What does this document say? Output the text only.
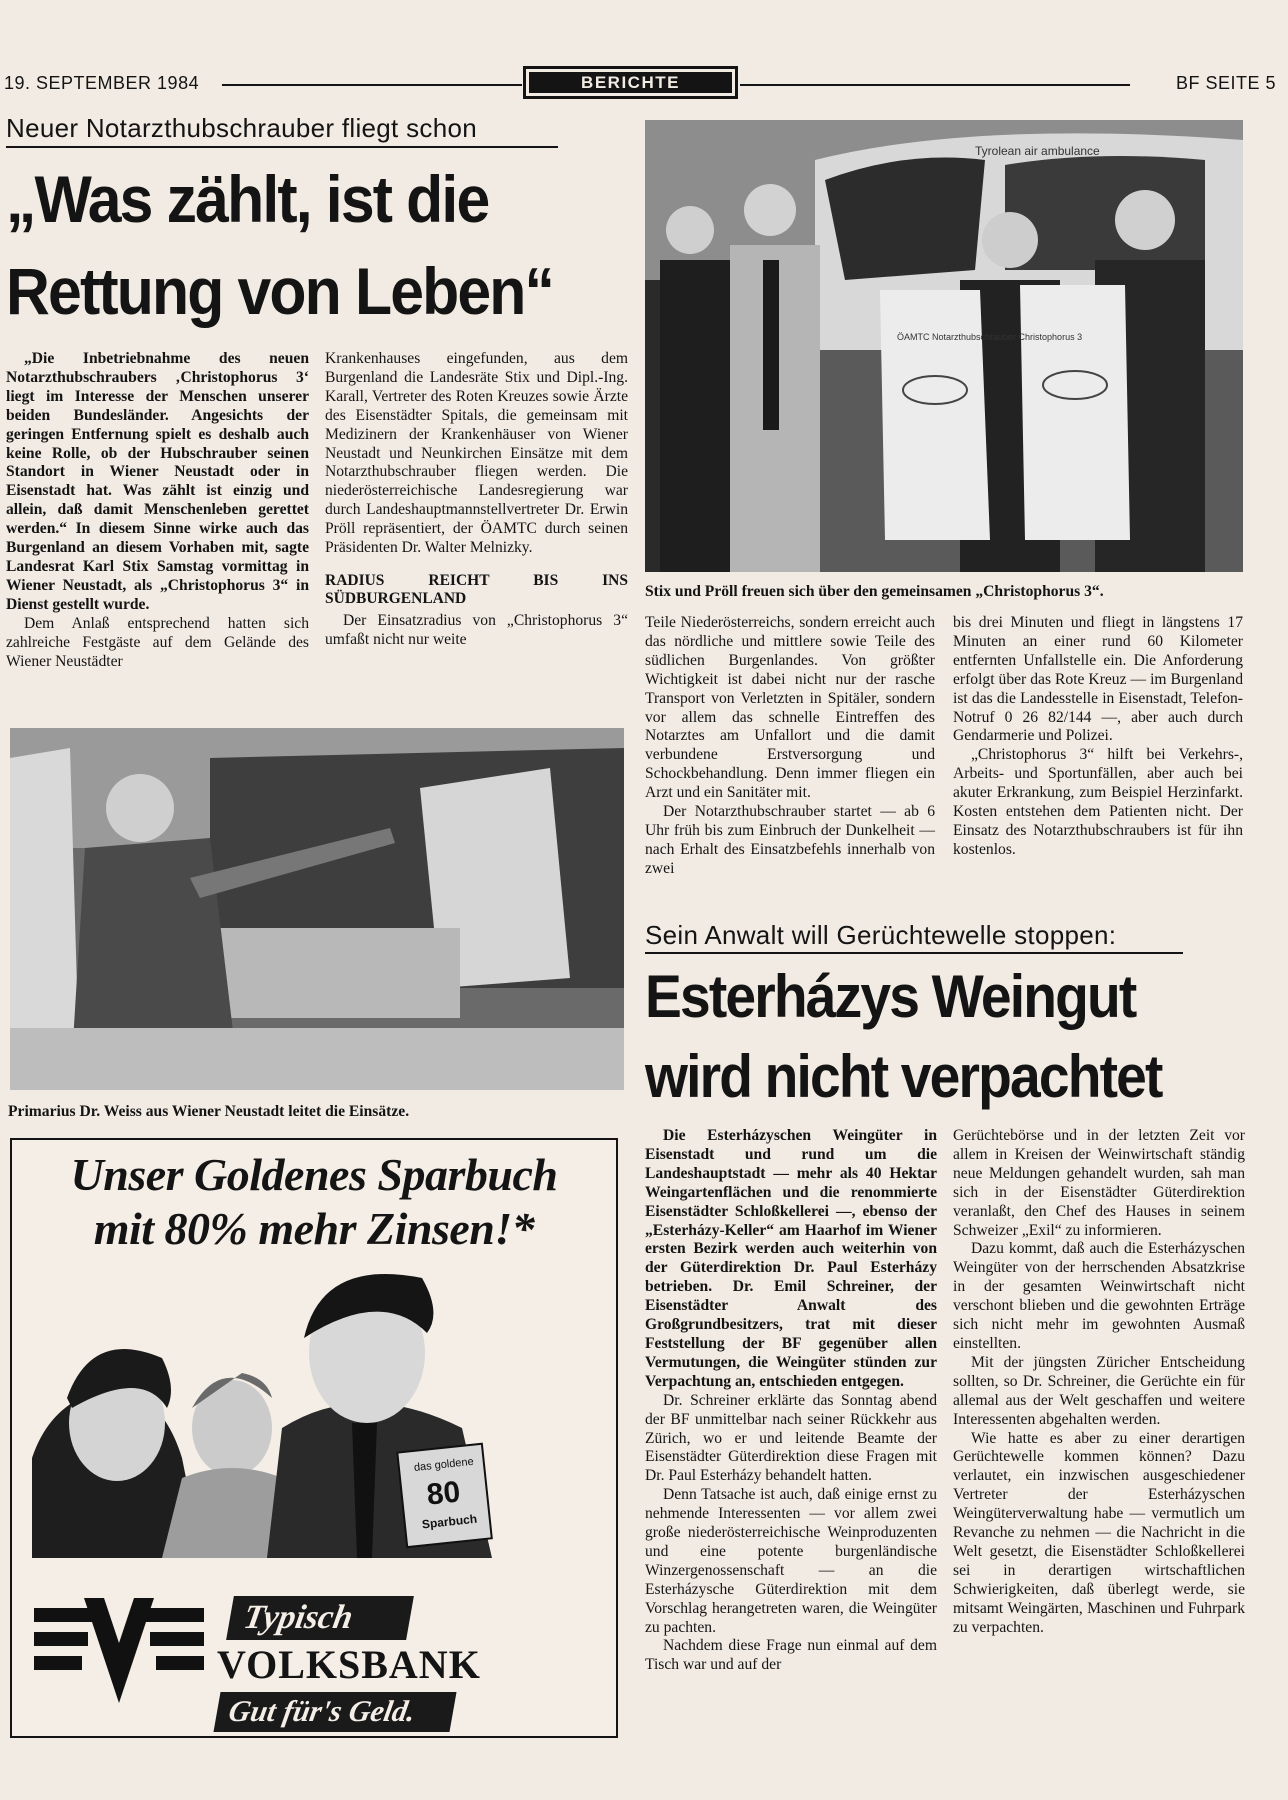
19. SEPTEMBER 1984	BERICHTE	BF SEITE 5
Neuer Notarzthubschrauber fliegt schon
„Was zählt, ist die
Rettung von Leben“

„Die Inbetriebnahme des neuen Notarzthubschraubers ‚Christophorus 3‘ liegt im Interesse der Menschen unserer beiden Bundesländer. Angesichts der geringen Entfernung spielt es deshalb auch keine Rolle, ob der Hubschrauber seinen Standort in Wiener Neustadt oder in Eisenstadt hat. Was zählt ist einzig und allein, daß damit Menschenleben gerettet werden.“ In diesem Sinne wirke auch das Burgenland an diesem Vorhaben mit, sagte Landesrat Karl Stix Samstag vormittag in Wiener Neustadt, als „Christophorus 3“ in Dienst gestellt wurde.

Dem Anlaß entsprechend hatten sich zahlreiche Festgäste auf dem Gelände des Wiener Neustädter

Krankenhauses eingefunden, aus dem Burgenland die Landesräte Stix und Dipl.-Ing. Karall, Vertreter des Roten Kreuzes sowie Ärzte des Eisenstädter Spitals, die gemeinsam mit Medizinern der Krankenhäuser von Wiener Neustadt und Neunkirchen Einsätze mit dem Notarzthubschrauber fliegen werden. Die niederösterreichische Landesregierung war durch Landeshauptmannstellvertreter Dr. Erwin Pröll repräsentiert, der ÖAMTC durch seinen Präsidenten Dr. Walter Melnizky.

RADIUS REICHT BIS INS SÜDBURGENLAND

Der Einsatzradius von „Christophorus 3“ umfaßt nicht nur weite

Tyrolean air ambulance
ÖAMTC Notarzthubschrauber Christophorus 3
Stix und Pröll freuen sich über den gemeinsamen „Christophorus 3“.

Teile Niederösterreichs, sondern erreicht auch das nördliche und mittlere sowie Teile des südlichen Burgenlandes. Von größter Wichtigkeit ist dabei nicht nur der rasche Transport von Verletzten in Spitäler, sondern vor allem das schnelle Eintreffen des Notarztes am Unfallort und die damit verbundene Erstversorgung und Schockbehandlung. Denn immer fliegen ein Arzt und ein Sanitäter mit.

Der Notarzthubschrauber startet — ab 6 Uhr früh bis zum Einbruch der Dunkelheit — nach Erhalt des Einsatzbefehls innerhalb von zwei

bis drei Minuten und fliegt in längstens 17 Minuten an einer rund 60 Kilometer entfernten Unfallstelle ein. Die Anforderung erfolgt über das Rote Kreuz — im Burgenland ist das die Landesstelle in Eisenstadt, Telefon-Notruf 0 26 82/144 —, aber auch durch Gendarmerie und Polizei.

„Christophorus 3“ hilft bei Verkehrs-, Arbeits- und Sportunfällen, aber auch bei akuter Erkrankung, zum Beispiel Herzinfarkt. Kosten entstehen dem Patienten nicht. Der Einsatz des Notarzthubschraubers ist für ihn kostenlos.

Primarius Dr. Weiss aus Wiener Neustadt leitet die Einsätze.
Sein Anwalt will Gerüchtewelle stoppen:
Esterházys Weingut
wird nicht verpachtet

Die Esterházyschen Weingüter in Eisenstadt und rund um die Landeshauptstadt — mehr als 40 Hektar Weingartenflächen und die renommierte Eisenstädter Schloßkellerei —, ebenso der „Esterházy-Keller“ am Haarhof im Wiener ersten Bezirk werden auch weiterhin von der Güterdirektion Dr. Paul Esterházy betrieben. Dr. Emil Schreiner, der Eisenstädter Anwalt des Großgrundbesitzers, trat mit dieser Feststellung der BF gegenüber allen Vermutungen, die Weingüter stünden zur Verpachtung an, entschieden entgegen.

Dr. Schreiner erklärte das Sonntag abend der BF unmittelbar nach seiner Rückkehr aus Zürich, wo er und leitende Beamte der Eisenstädter Güterdirektion diese Fragen mit Dr. Paul Esterházy behandelt hatten.

Denn Tatsache ist auch, daß einige ernst zu nehmende Interessenten — vor allem zwei große niederösterreichische Weinproduzenten und eine potente burgenländische Winzergenossenschaft — an die Esterházysche Güterdirektion mit dem Vorschlag herangetreten waren, die Weingüter zu pachten.

Nachdem diese Frage nun einmal auf dem Tisch war und auf der

Gerüchtebörse und in der letzten Zeit vor allem in Kreisen der Weinwirtschaft ständig neue Meldungen gehandelt wurden, sah man sich in der Eisenstädter Güterdirektion veranlaßt, den Chef des Hauses in seinem Schweizer „Exil“ zu informieren.

Dazu kommt, daß auch die Esterházyschen Weingüter von der herrschenden Absatzkrise in der gesamten Weinwirtschaft nicht verschont blieben und die gewohnten Erträge sich nicht mehr im gewohnten Ausmaß einstellten.

Mit der jüngsten Züricher Entscheidung sollten, so Dr. Schreiner, die Gerüchte ein für allemal aus der Welt geschaffen und weitere Interessenten abgehalten werden.

Wie hatte es aber zu einer derartigen Gerüchtewelle kommen können? Dazu verlautet, ein inzwischen ausgeschiedener Vertreter der Esterházyschen Weingüterverwaltung habe — vermutlich um Revanche zu nehmen — die Nachricht in die Welt gesetzt, die Eisenstädter Schloßkellerei sei in derartigen wirtschaftlichen Schwierigkeiten, daß überlegt werde, sie mitsamt Weingärten, Maschinen und Fuhrpark zu verpachten.

Unser Goldenes Sparbuch
mit 80% mehr Zinsen!*
das goldene
80
Sparbuch
Typisch
VOLKSBANK
Gut für's Geld.
